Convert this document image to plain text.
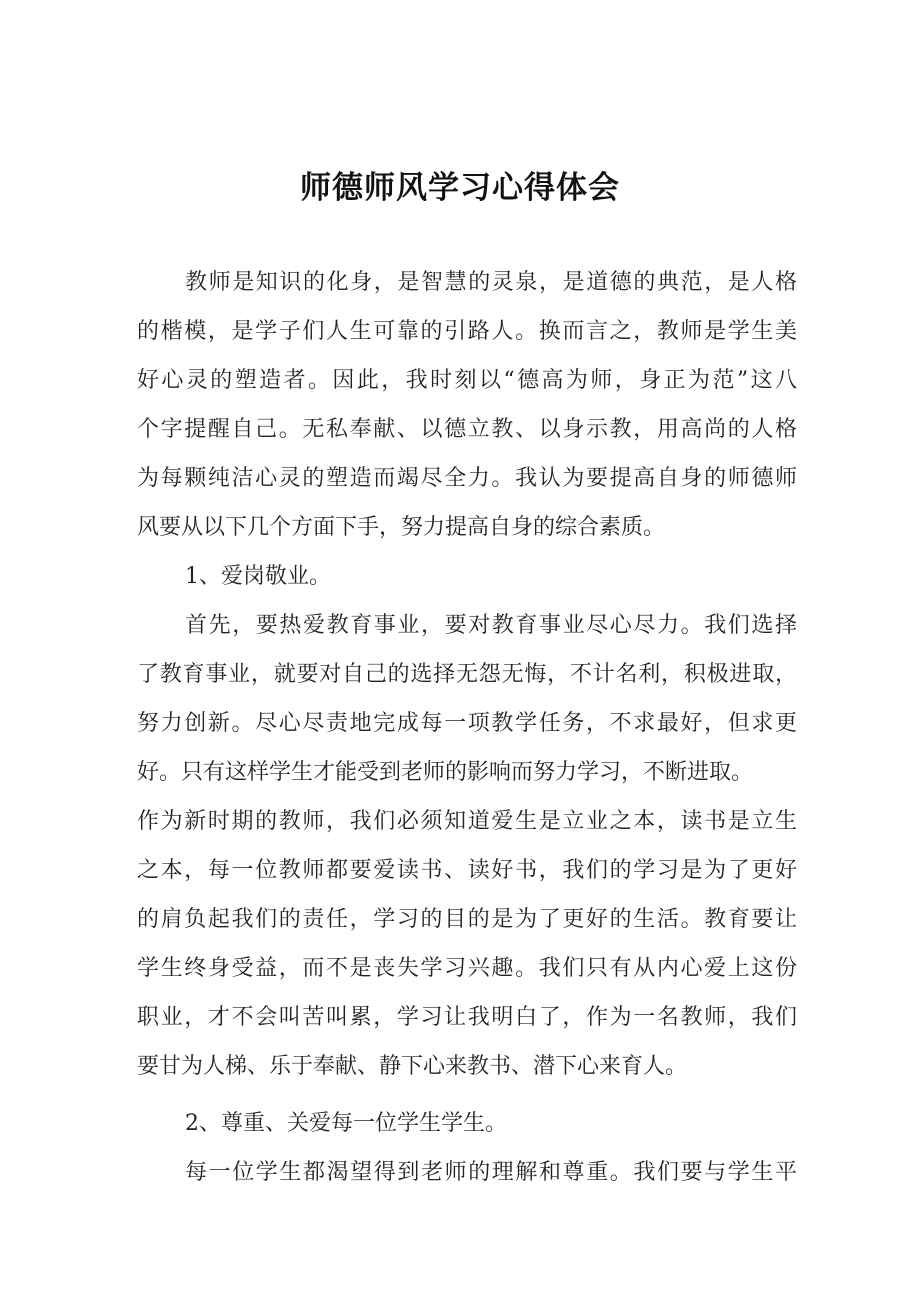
师德师风学习心得体会
教师是知识的化身，是智慧的灵泉，是道德的典范，是人格
的楷模，是学子们人生可靠的引路人。换而言之，教师是学生美
好心灵的塑造者。因此，我时刻以“德高为师，身正为范”这八
个字提醒自己。无私奉献、以德立教、以身示教，用高尚的人格
为每颗纯洁心灵的塑造而竭尽全力。我认为要提高自身的师德师
风要从以下几个方面下手，努力提高自身的综合素质。
1、爱岗敬业。
首先，要热爱教育事业，要对教育事业尽心尽力。我们选择
了教育事业，就要对自己的选择无怨无悔，不计名利，积极进取，
努力创新。尽心尽责地完成每一项教学任务，不求最好，但求更
好。只有这样学生才能受到老师的影响而努力学习，不断进取。
作为新时期的教师，我们必须知道爱生是立业之本，读书是立生
之本，每一位教师都要爱读书、读好书，我们的学习是为了更好
的肩负起我们的责任，学习的目的是为了更好的生活。教育要让
学生终身受益，而不是丧失学习兴趣。我们只有从内心爱上这份
职业，才不会叫苦叫累，学习让我明白了，作为一名教师，我们
要甘为人梯、乐于奉献、静下心来教书、潜下心来育人。
2、尊重、关爱每一位学生学生。
每一位学生都渴望得到老师的理解和尊重。我们要与学生平
